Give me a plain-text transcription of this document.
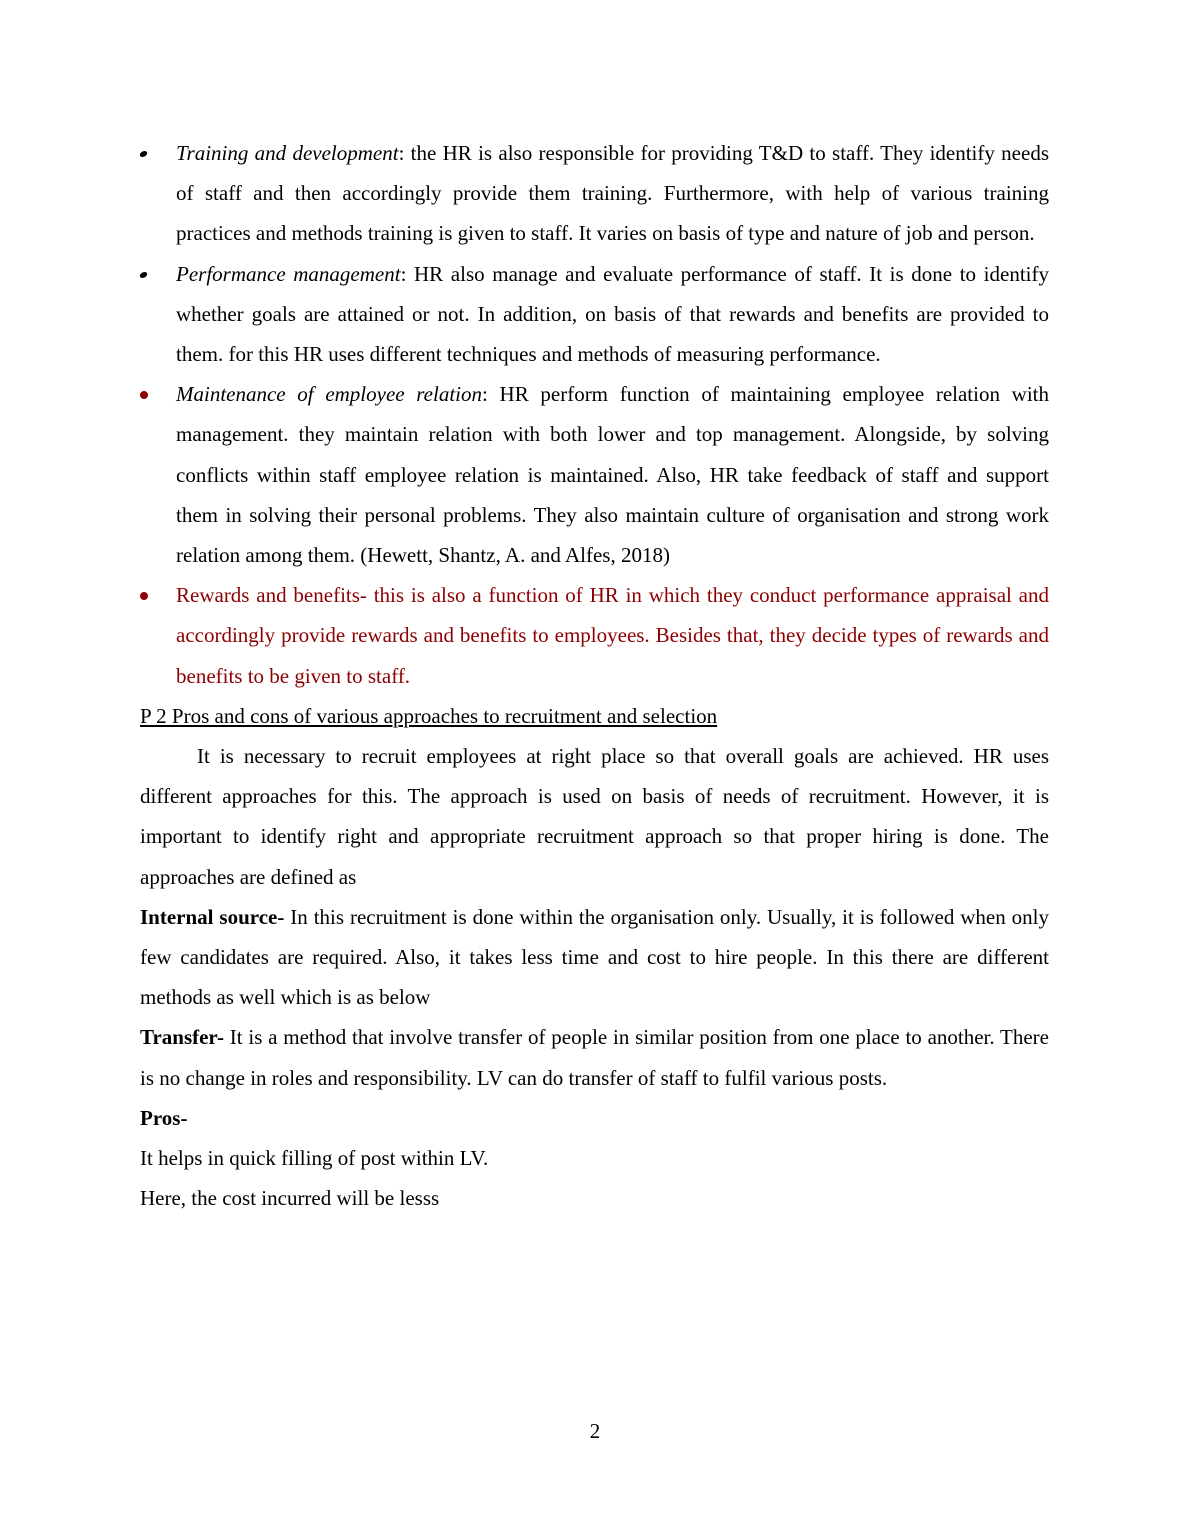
Training and development: the HR is also responsible for providing T&D to staff. They identify needs of staff and then accordingly provide them training. Furthermore, with help of various training practices and methods training is given to staff. It varies on basis of type and nature of job and person.
Performance management: HR also manage and evaluate performance of staff. It is done to identify whether goals are attained or not. In addition, on basis of that rewards and benefits are provided to them. for this HR uses different techniques and methods of measuring performance.
Maintenance of employee relation: HR perform function of maintaining employee relation with management. they maintain relation with both lower and top management. Alongside, by solving conflicts within staff employee relation is maintained. Also, HR take feedback of staff and support them in solving their personal problems. They also maintain culture of organisation and strong work relation among them. (Hewett, Shantz, A. and Alfes, 2018)
Rewards and benefits- this is also a function of HR in which they conduct performance appraisal and accordingly provide rewards and benefits to employees. Besides that, they decide types of rewards and benefits to be given to staff.
P 2 Pros and cons of various approaches to recruitment and selection
It is necessary to recruit employees at right place so that overall goals are achieved. HR uses different approaches for this. The approach is used on basis of needs of recruitment. However, it is important to identify right and appropriate recruitment approach so that proper hiring is done. The approaches are defined as
Internal source- In this recruitment is done within the organisation only. Usually, it is followed when only few candidates are required. Also, it takes less time and cost to hire people. In this there are different methods as well which is as below
Transfer- It is a method that involve transfer of people in similar position from one place to another. There is no change in roles and responsibility. LV can do transfer of staff to fulfil various posts.
Pros-
It helps in quick filling of post within LV.
Here, the cost incurred will be lesss
2
